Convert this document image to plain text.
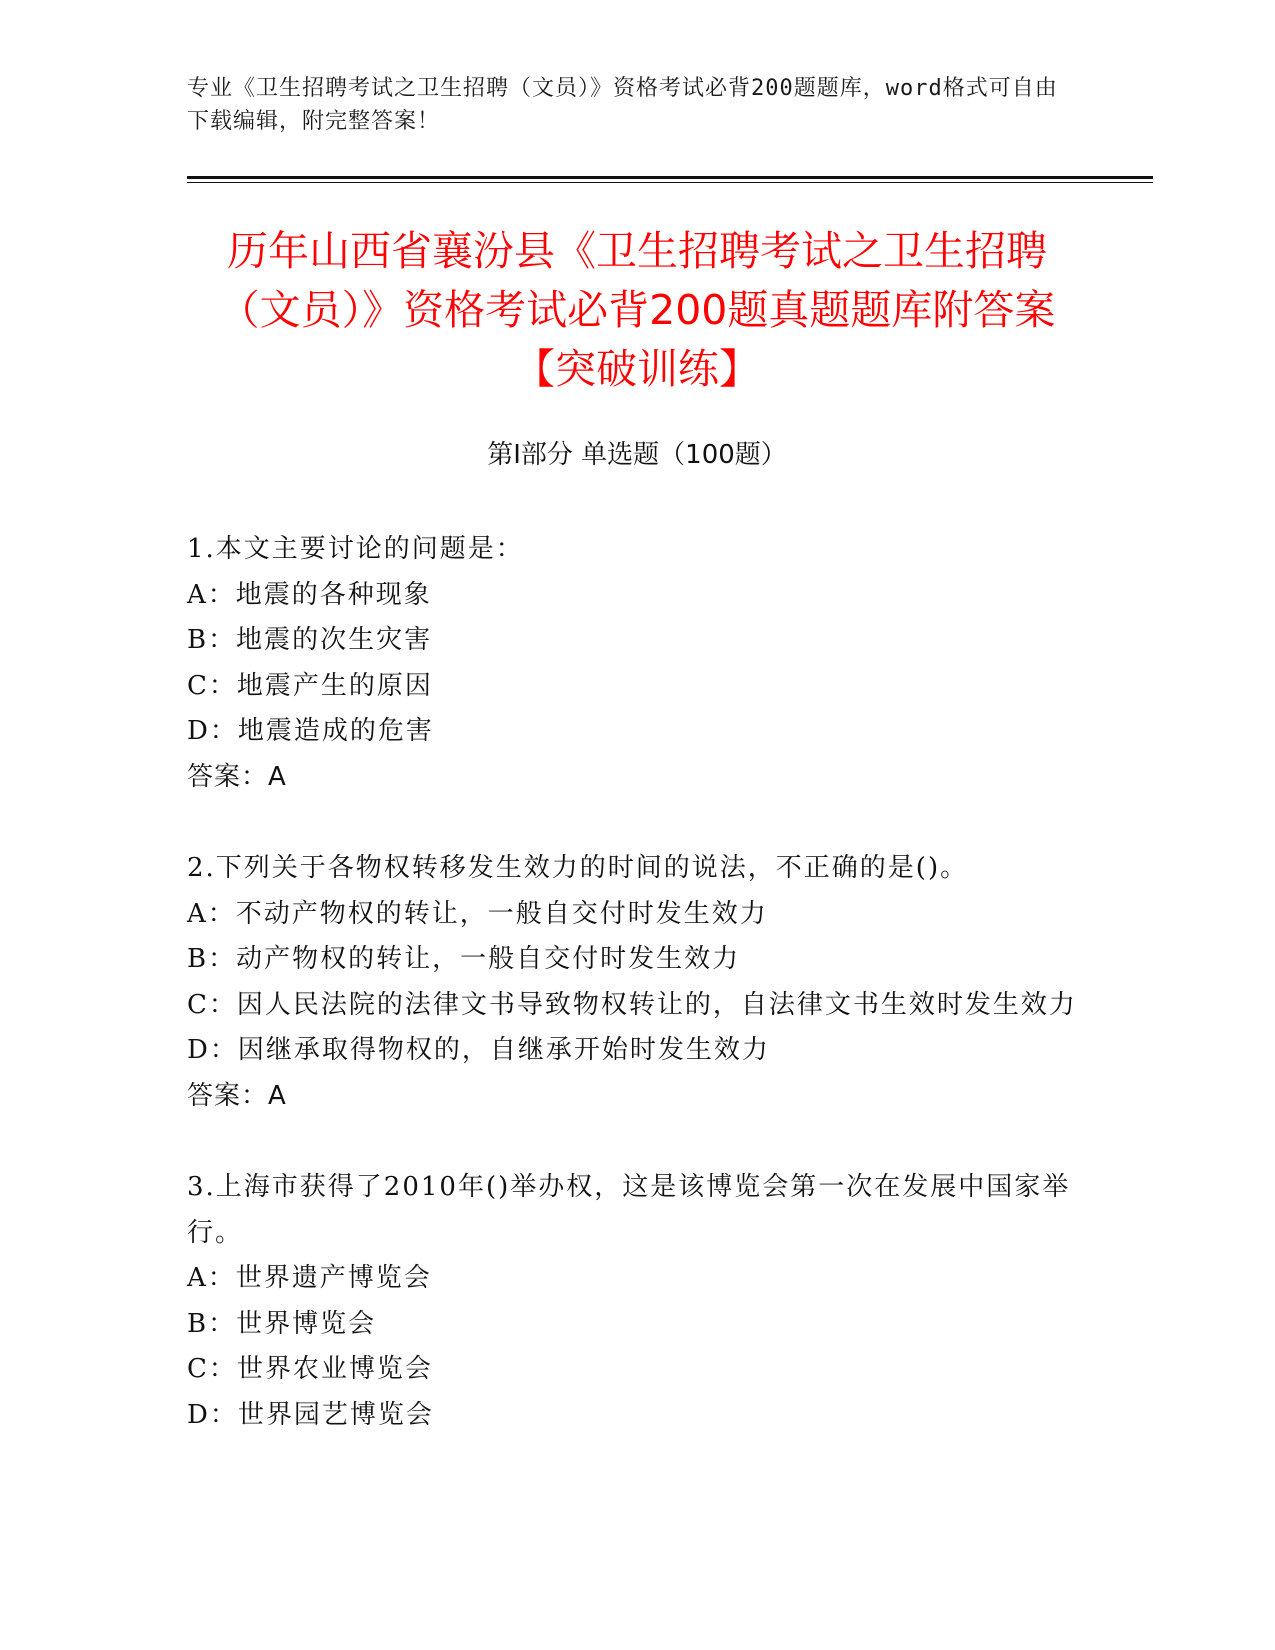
专业《卫生招聘考试之卫生招聘（文员）》资格考试必背200题题库，word格式可自由下载编辑，附完整答案！
历年山西省襄汾县《卫生招聘考试之卫生招聘（文员）》资格考试必背200题真题题库附答案【突破训练】
第Ⅰ部分 单选题（100题）
1.本文主要讨论的问题是：
A：地震的各种现象
B：地震的次生灾害
C：地震产生的原因
D：地震造成的危害
答案：A
2.下列关于各物权转移发生效力的时间的说法，不正确的是()。
A：不动产物权的转让，一般自交付时发生效力
B：动产物权的转让，一般自交付时发生效力
C：因人民法院的法律文书导致物权转让的，自法律文书生效时发生效力
D：因继承取得物权的，自继承开始时发生效力
答案：A
3.上海市获得了2010年()举办权，这是该博览会第一次在发展中国家举行。
A：世界遗产博览会
B：世界博览会
C：世界农业博览会
D：世界园艺博览会
